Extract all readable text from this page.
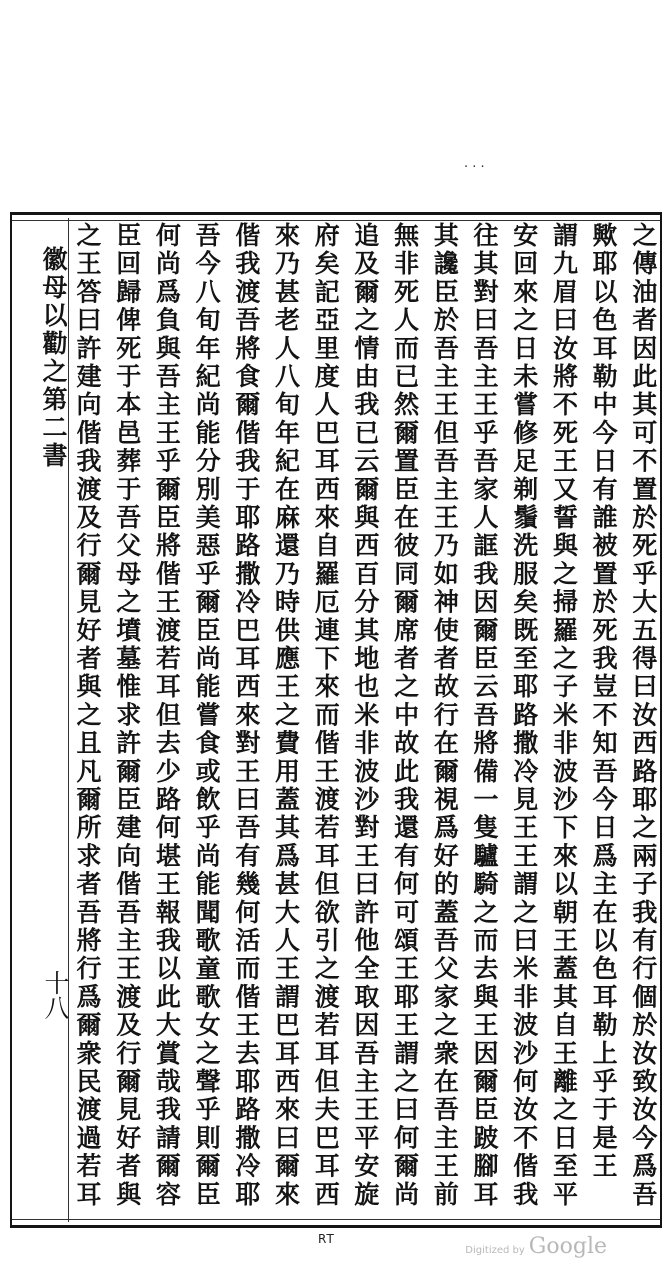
‧ ‧ ‧
徽母以勸之第二書
十八	之傳油者因此其可不置於死乎大五得曰汝西路耶之兩子我有行個於汝致汝今爲吾
歟耶以色耳勒中今日有誰被置於死我豈不知吾今日爲主在以色耳勒上乎于是王
謂九眉曰汝將不死王又誓與之掃羅之子米非波沙下來以朝王蓋其自王離之日至平
安回來之日未嘗修足剃鬚洗服矣既至耶路撒冷見王王謂之曰米非波沙何汝不偕我
往其對曰吾主王乎吾家人誆我因爾臣云吾將備一隻驢騎之而去與王因爾臣跛腳耳
其讒臣於吾主王但吾主王乃如神使者故行在爾視爲好的蓋吾父家之衆在吾主王前
無非死人而已然爾置臣在彼同爾席者之中故此我還有何可頌王耶王謂之曰何爾尚
追及爾之情由我已云爾與西百分其地也米非波沙對王曰許他全取因吾主王平安旋
府矣記亞里度人巴耳西來自羅厄連下來而偕王渡若耳但欲引之渡若耳但夫巴耳西
來乃甚老人八旬年紀在麻還乃時供應王之費用蓋其爲甚大人王謂巴耳西來曰爾來
偕我渡吾將食爾偕我于耶路撒冷巴耳西來對王曰吾有幾何活而偕王去耶路撒冷耶
吾今八旬年紀尚能分別美惡乎爾臣尚能嘗食或飲乎尚能聞歌童歌女之聲乎則爾臣
何尚爲負與吾主王乎爾臣將偕王渡若耳但去少路何堪王報我以此大賞哉我請爾容
臣回歸俾死于本邑葬于吾父母之墳墓惟求許爾臣建向偕吾主王渡及行爾見好者與
之王答曰許建向偕我渡及行爾見好者與之且凡爾所求者吾將行爲爾衆民渡過若耳
RT
Digitized by Google
